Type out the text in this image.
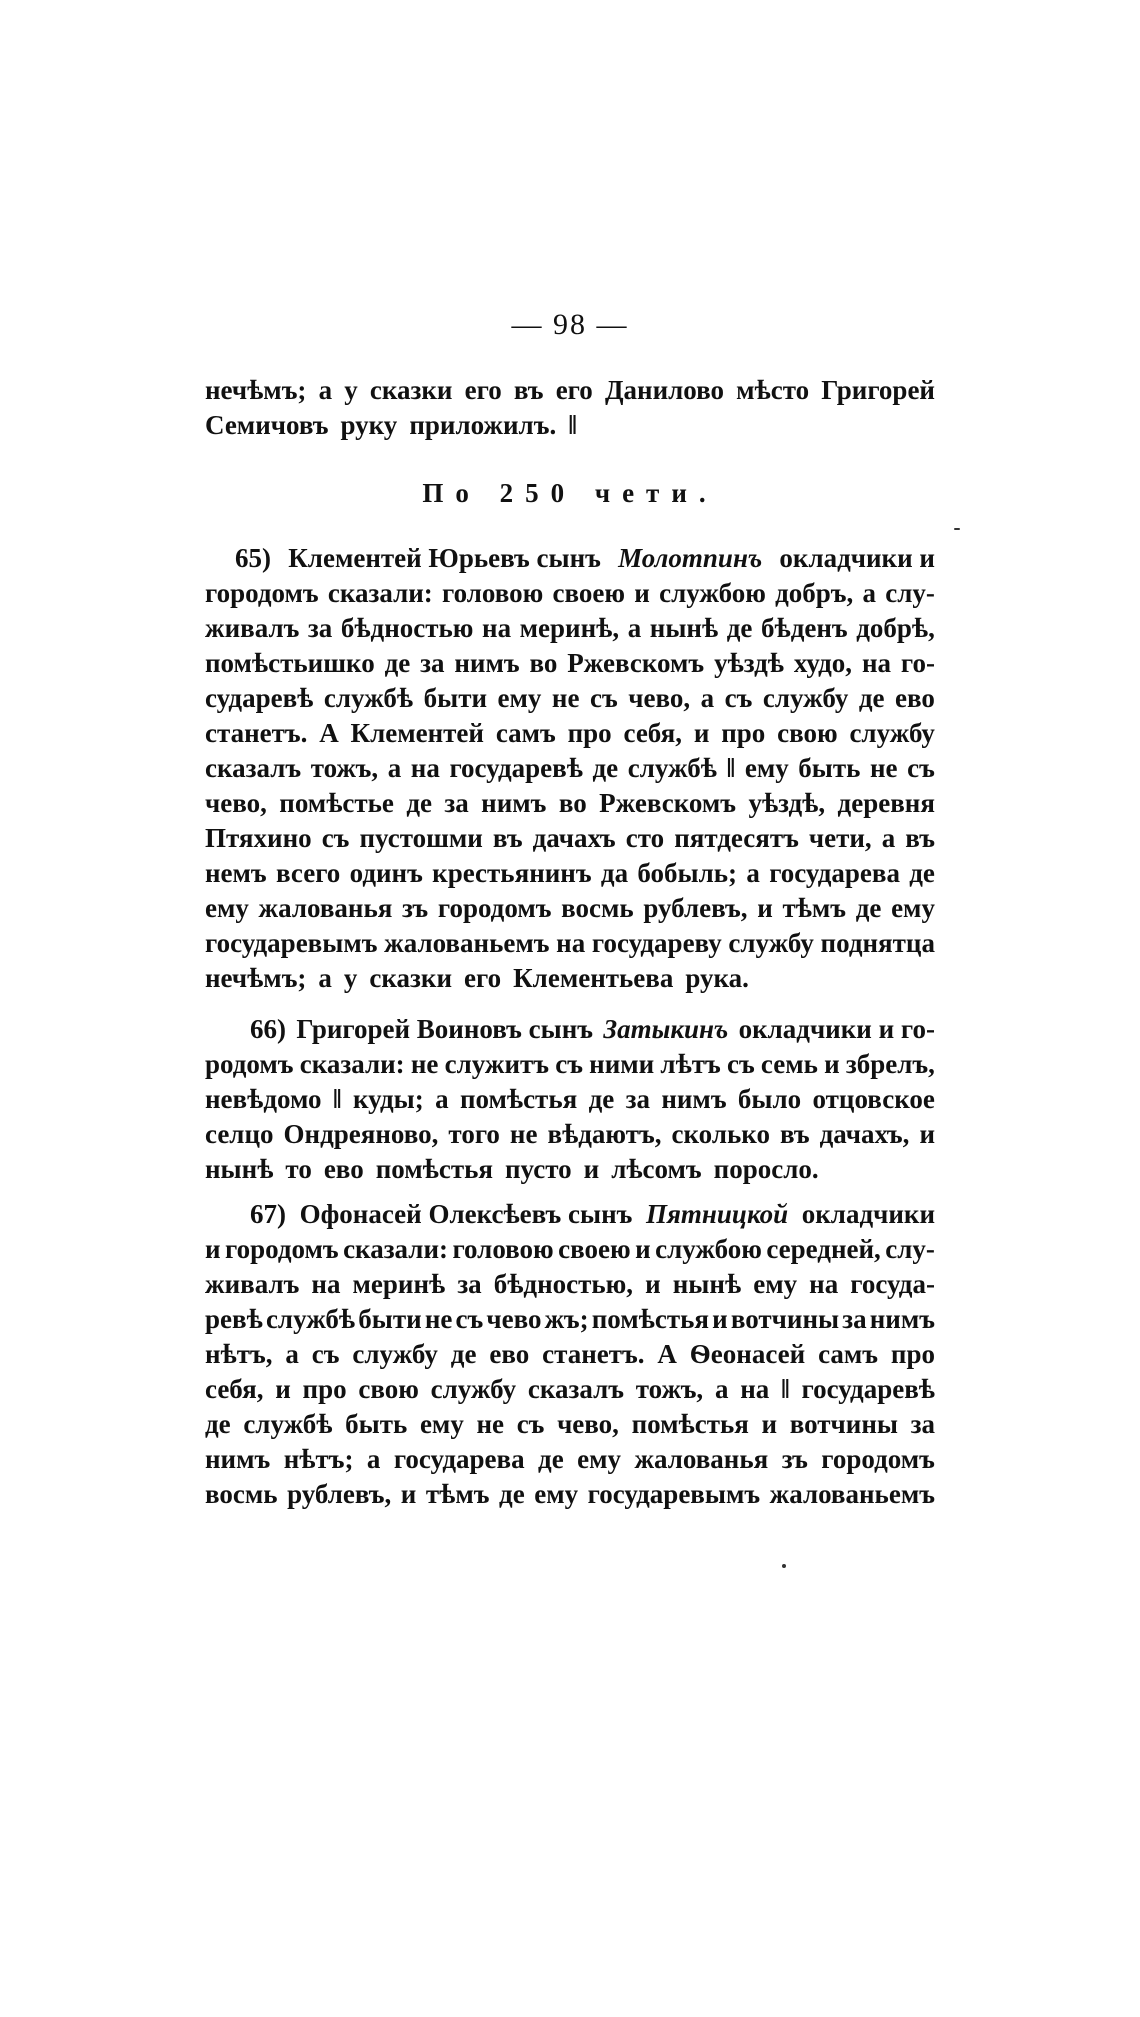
— 98 —
нечѣмъ; а у сказки его въ его Данилово мѣсто Григорей
Семичовъ руку приложилъ. ‖
По 250 чети.
65) Клементей Юрьевъ сынъ Молотпинъ окладчики и
городомъ сказали: головою своею и службою добръ, а слу-
живалъ за бѣдностью на меринѣ, а нынѣ де бѣденъ добрѣ,
помѣстьишко де за нимъ во Ржевскомъ уѣздѣ худо, на го-
сударевѣ службѣ быти ему не съ чево, а съ службу де ево
станетъ. А Клементей самъ про себя, и про свою службу
сказалъ тожъ, а на государевѣ де службѣ ‖ ему быть не съ
чево, помѣстье де за нимъ во Ржевскомъ уѣздѣ, деревня
Птяхино съ пустошми въ дачахъ сто пятдесятъ чети, а въ
немъ всего одинъ крестьянинъ да бобыль; а государева де
ему жалованья зъ городомъ восмь рублевъ, и тѣмъ де ему
государевымъ жалованьемъ на государеву службу поднятца
нечѣмъ; а у сказки его Клементьева рука.
66) Григорей Воиновъ сынъ Затыкинъ окладчики и го-
родомъ сказали: не служитъ съ ними лѣтъ съ семь и збрелъ,
невѣдомо ‖ куды; а помѣстья де за нимъ было отцовское
селцо Ондреяново, того не вѣдаютъ, сколько въ дачахъ, и
нынѣ то ево помѣстья пусто и лѣсомъ поросло.
67) Офонасей Олексѣевъ сынъ Пятницкой окладчики
и городомъ сказали: головою своею и службою середней, слу-
живалъ на меринѣ за бѣдностью, и нынѣ ему на госуда-
ревѣ службѣ быти не съ чево жъ; помѣстья и вотчины за нимъ
нѣтъ, а съ службу де ево станетъ. А Ѳеонасей самъ про
себя, и про свою службу сказалъ тожъ, а на ‖ государевѣ
де службѣ быть ему не съ чево, помѣстья и вотчины за
нимъ нѣтъ; а государева де ему жалованья зъ городомъ
восмь рублевъ, и тѣмъ де ему государевымъ жалованьемъ
